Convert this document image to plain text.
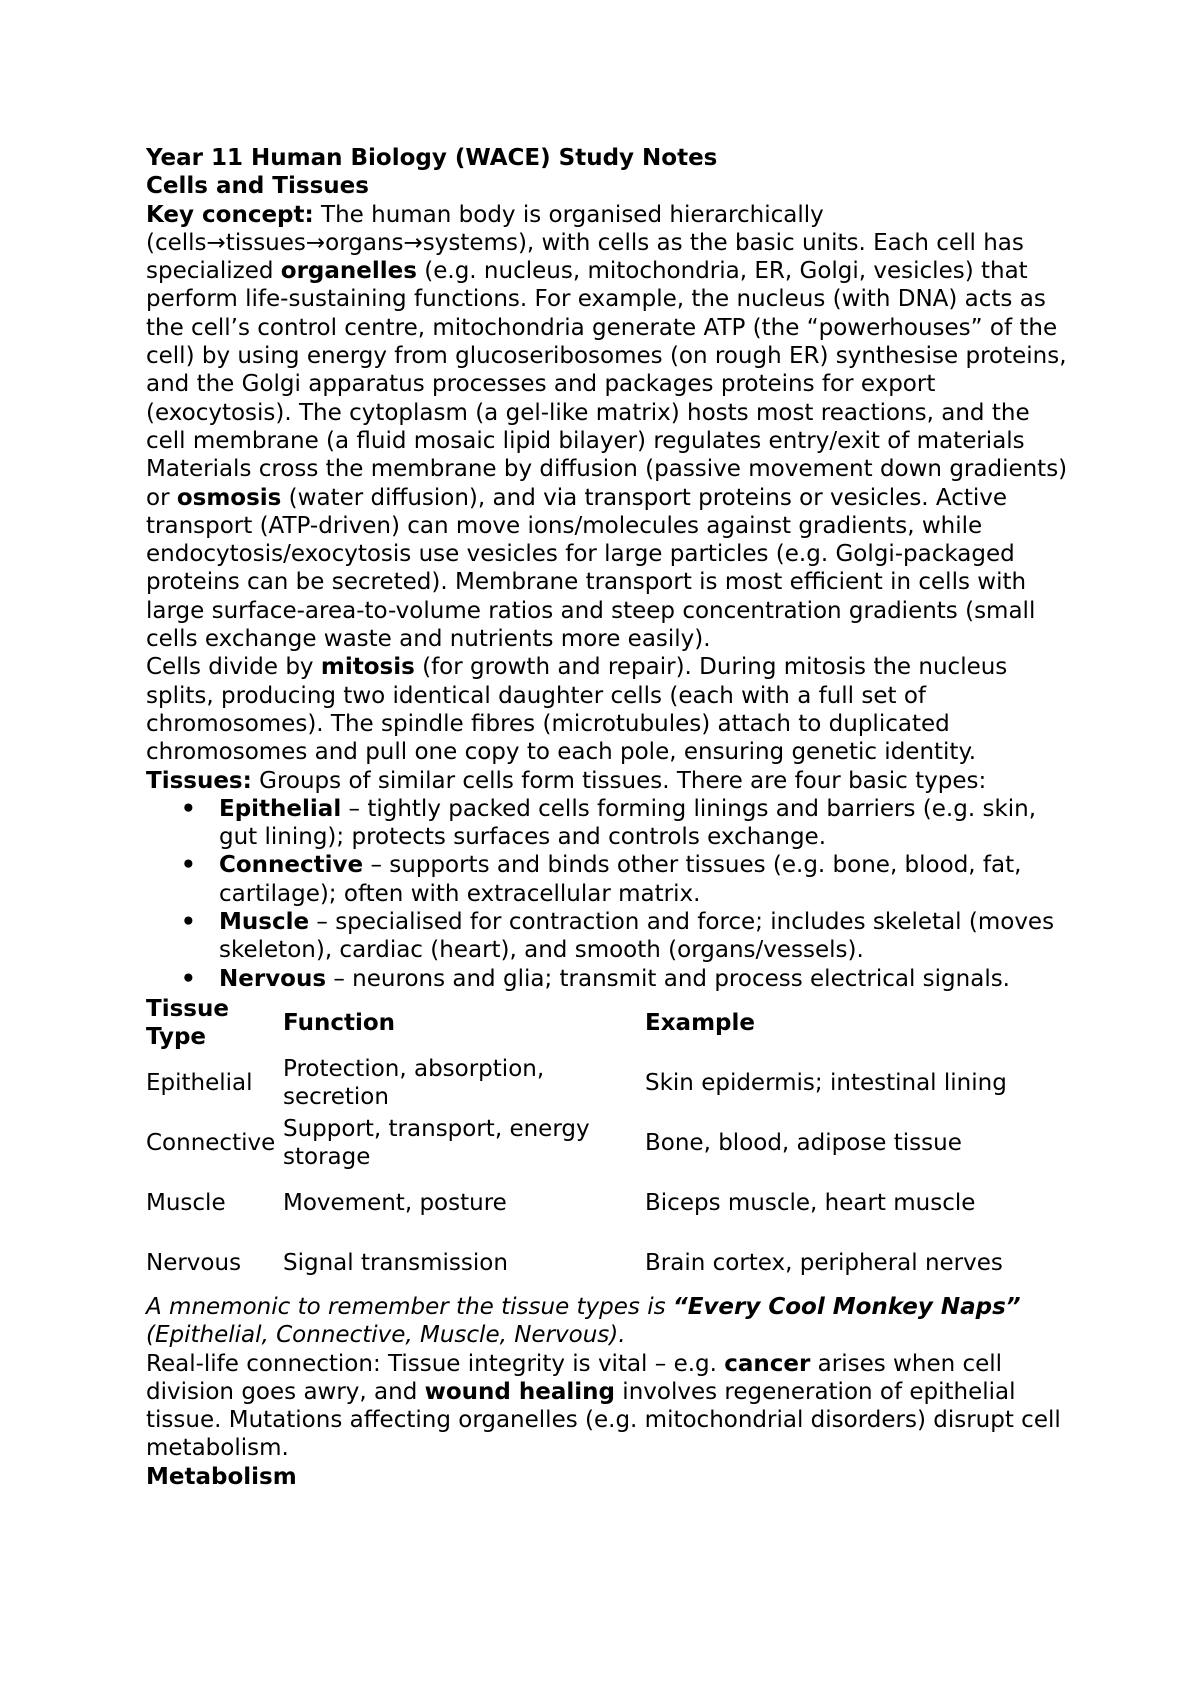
Year 11 Human Biology (WACE) Study Notes

Cells and Tissues

Key concept: The human body is organised hierarchically (cells→tissues→organs→systems), with cells as the basic units. Each cell has specialized organelles (e.g. nucleus, mitochondria, ER, Golgi, vesicles) that perform life-sustaining functions. For example, the nucleus (with DNA) acts as the cell’s control centre, mitochondria generate ATP (the “powerhouses” of the cell) by using energy from glucoseribosomes (on rough ER) synthesise proteins, and the Golgi apparatus processes and packages proteins for export (exocytosis). The cytoplasm (a gel-like matrix) hosts most reactions, and the cell membrane (a fluid mosaic lipid bilayer) regulates entry/exit of materials

Materials cross the membrane by diffusion (passive movement down gradients) or osmosis (water diffusion), and via transport proteins or vesicles. Active transport (ATP-driven) can move ions/molecules against gradients, while endocytosis/exocytosis use vesicles for large particles (e.g. Golgi-packaged proteins can be secreted). Membrane transport is most efficient in cells with large surface-area-to-volume ratios and steep concentration gradients (small cells exchange waste and nutrients more easily).

Cells divide by mitosis (for growth and repair). During mitosis the nucleus splits, producing two identical daughter cells (each with a full set of chromosomes). The spindle fibres (microtubules) attach to duplicated chromosomes and pull one copy to each pole, ensuring genetic identity.

Tissues: Groups of similar cells form tissues. There are four basic types:

• Epithelial – tightly packed cells forming linings and barriers (e.g. skin, gut lining); protects surfaces and controls exchange.
• Connective – supports and binds other tissues (e.g. bone, blood, fat, cartilage); often with extracellular matrix.
• Muscle – specialised for contraction and force; includes skeletal (moves skeleton), cardiac (heart), and smooth (organs/vessels).
• Nervous – neurons and glia; transmit and process electrical signals.
Tissue Type	Function	Example
Epithelial	Protection, absorption, secretion	Skin epidermis; intestinal lining
Connective	Support, transport, energy storage	Bone, blood, adipose tissue
Muscle	Movement, posture	Biceps muscle, heart muscle
Nervous	Signal transmission	Brain cortex, peripheral nerves

A mnemonic to remember the tissue types is “Every Cool Monkey Naps” (Epithelial, Connective, Muscle, Nervous).

Real-life connection: Tissue integrity is vital – e.g. cancer arises when cell division goes awry, and wound healing involves regeneration of epithelial tissue. Mutations affecting organelles (e.g. mitochondrial disorders) disrupt cell metabolism.

Metabolism
